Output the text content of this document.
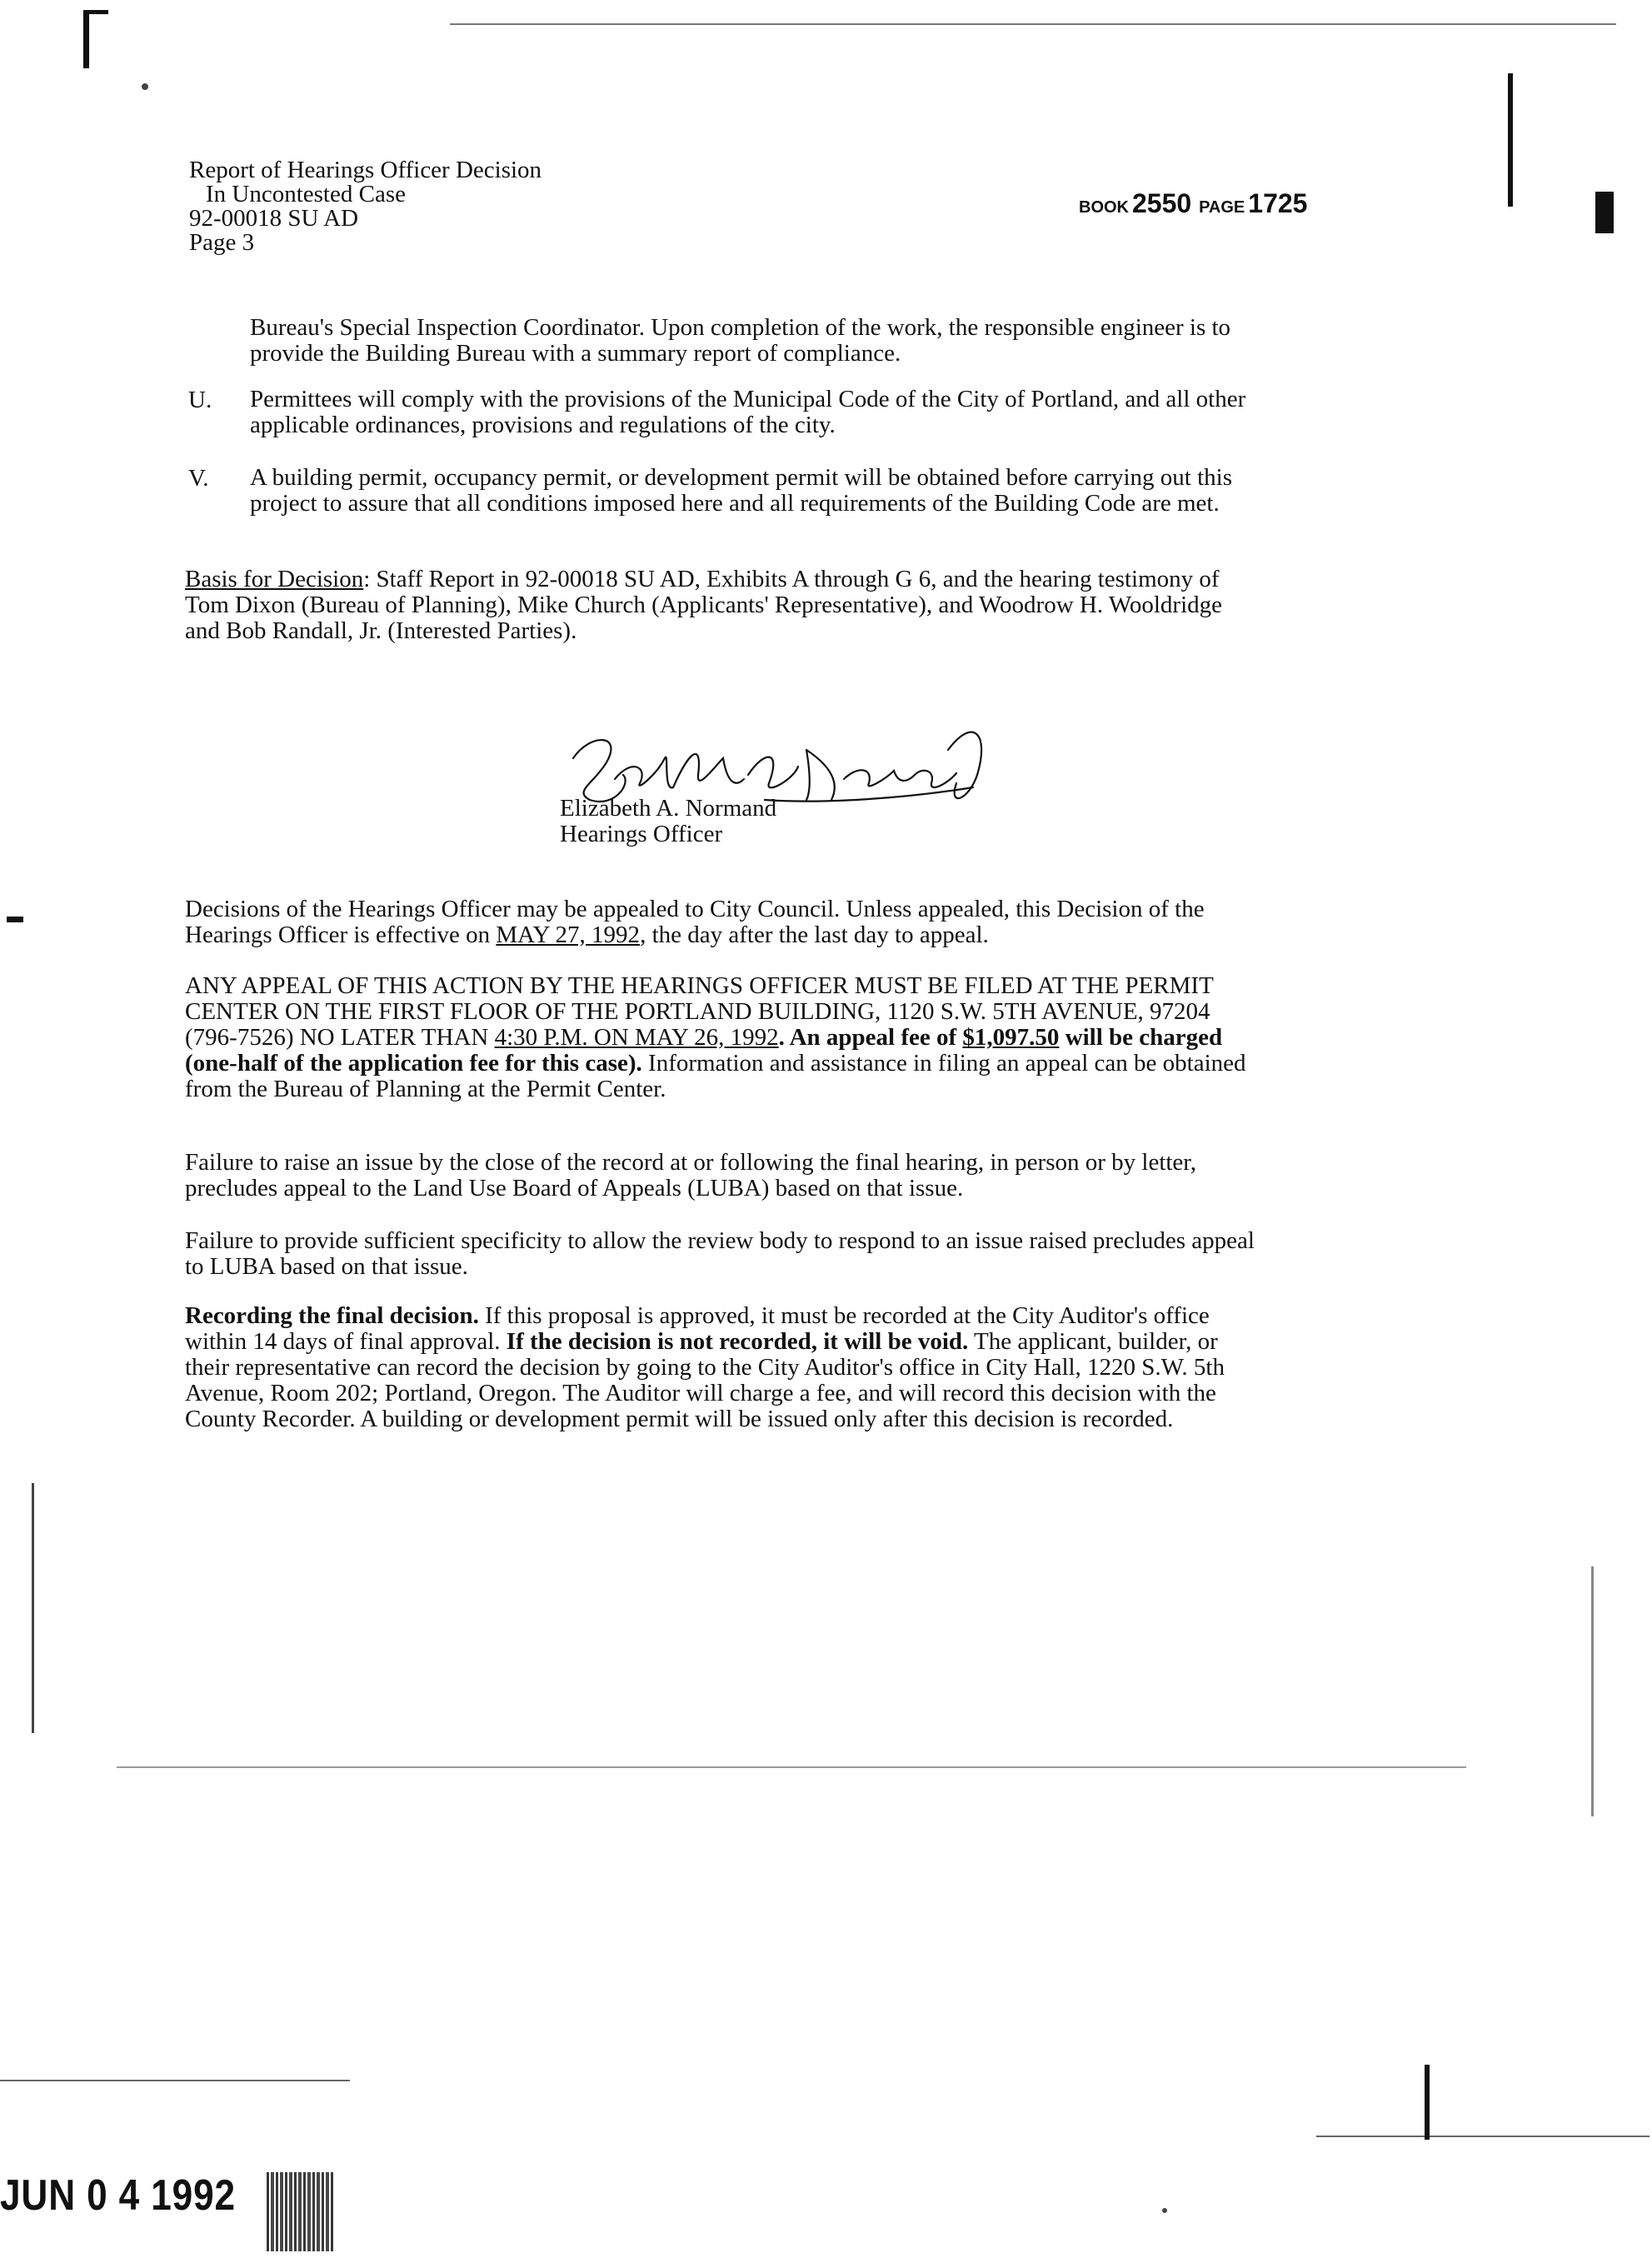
Report of Hearings Officer Decision
In Uncontested Case
92-00018 SU AD
Page 3
BOOK 2550 PAGE 1725
Bureau's Special Inspection Coordinator. Upon completion of the work, the responsible engineer is to provide the Building Bureau with a summary report of compliance.
U. Permittees will comply with the provisions of the Municipal Code of the City of Portland, and all other applicable ordinances, provisions and regulations of the city.
V. A building permit, occupancy permit, or development permit will be obtained before carrying out this project to assure that all conditions imposed here and all requirements of the Building Code are met.
Basis for Decision: Staff Report in 92-00018 SU AD, Exhibits A through G 6, and the hearing testimony of Tom Dixon (Bureau of Planning), Mike Church (Applicants' Representative), and Woodrow H. Wooldridge and Bob Randall, Jr. (Interested Parties).
Elizabeth A. Normand
Hearings Officer
Decisions of the Hearings Officer may be appealed to City Council. Unless appealed, this Decision of the Hearings Officer is effective on MAY 27, 1992, the day after the last day to appeal.
ANY APPEAL OF THIS ACTION BY THE HEARINGS OFFICER MUST BE FILED AT THE PERMIT CENTER ON THE FIRST FLOOR OF THE PORTLAND BUILDING, 1120 S.W. 5TH AVENUE, 97204 (796-7526) NO LATER THAN 4:30 P.M. ON MAY 26, 1992. An appeal fee of $1,097.50 will be charged (one-half of the application fee for this case). Information and assistance in filing an appeal can be obtained from the Bureau of Planning at the Permit Center.
Failure to raise an issue by the close of the record at or following the final hearing, in person or by letter, precludes appeal to the Land Use Board of Appeals (LUBA) based on that issue.
Failure to provide sufficient specificity to allow the review body to respond to an issue raised precludes appeal to LUBA based on that issue.
Recording the final decision. If this proposal is approved, it must be recorded at the City Auditor's office within 14 days of final approval. If the decision is not recorded, it will be void. The applicant, builder, or their representative can record the decision by going to the City Auditor's office in City Hall, 1220 S.W. 5th Avenue, Room 202; Portland, Oregon. The Auditor will charge a fee, and will record this decision with the County Recorder. A building or development permit will be issued only after this decision is recorded.
JUN 0 4 1992
